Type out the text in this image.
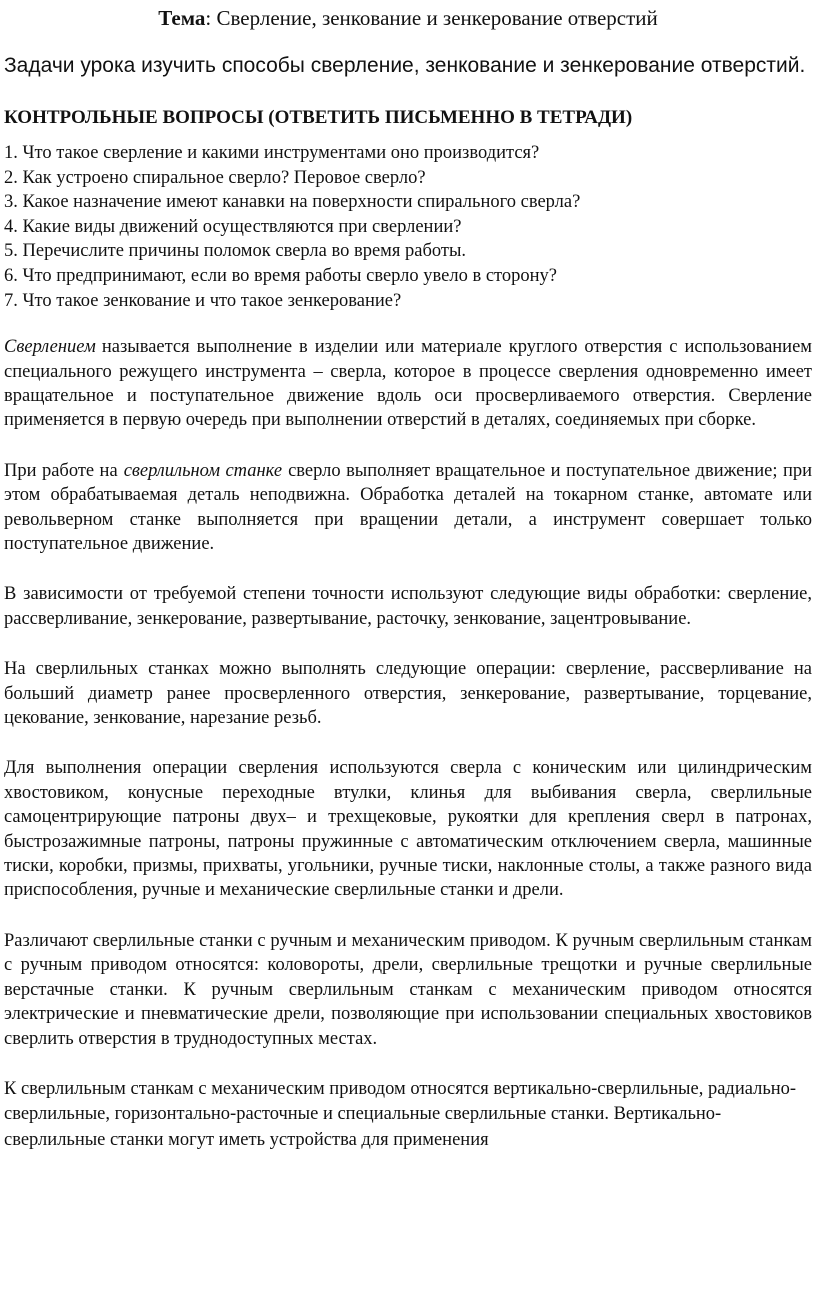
Тема: Сверление, зенкование и зенкерование отверстий
Задачи урока изучить способы сверление, зенкование и зенкерование отверстий.
КОНТРОЛЬНЫЕ ВОПРОСЫ (ОТВЕТИТЬ ПИСЬМЕННО В ТЕТРАДИ)
1. Что такое сверление и какими инструментами оно производится?
2. Как устроено спиральное сверло? Перовое сверло?
3. Какое назначение имеют канавки на поверхности спирального сверла?
4. Какие виды движений осуществляются при сверлении?
5. Перечислите причины поломок сверла во время работы.
6. Что предпринимают, если во время работы сверло увело в сторону?
7. Что такое зенкование и что такое зенкерование?

Сверлением называется выполнение в изделии или материале круглого отверстия с использованием специального режущего инструмента – сверла, которое в процессе сверления одновременно имеет вращательное и поступательное движение вдоль оси просверливаемого отверстия. Сверление применяется в первую очередь при выполнении отверстий в деталях, соединяемых при сборке.

При работе на сверлильном станке сверло выполняет вращательное и поступательное движение; при этом обрабатываемая деталь неподвижна. Обработка деталей на токарном станке, автомате или револьверном станке выполняется при вращении детали, а инструмент совершает только поступательное движение.

В зависимости от требуемой степени точности используют следующие виды обработки: сверление, рассверливание, зенкерование, развертывание, расточку, зенкование, зацентровывание.

На сверлильных станках можно выполнять следующие операции: сверление, рассверливание на больший диаметр ранее просверленного отверстия, зенкерование, развертывание, торцевание, цекование, зенкование, нарезание резьб.

Для выполнения операции сверления используются сверла с коническим или цилиндрическим хвостовиком, конусные переходные втулки, клинья для выбивания сверла, сверлильные самоцентрирующие патроны двух– и трехщековые, рукоятки для крепления сверл в патронах, быстрозажимные патроны, патроны пружинные с автоматическим отключением сверла, машинные тиски, коробки, призмы, прихваты, угольники, ручные тиски, наклонные столы, а также разного вида приспособления, ручные и механические сверлильные станки и дрели.

Различают сверлильные станки с ручным и механическим приводом. К ручным сверлильным станкам с ручным приводом относятся: коловороты, дрели, сверлильные трещотки и ручные сверлильные верстачные станки. К ручным сверлильным станкам с механическим приводом относятся электрические и пневматические дрели, позволяющие при использовании специальных хвостовиков сверлить отверстия в труднодоступных местах.

К сверлильным станкам с механическим приводом относятся вертикально-сверлильные, радиально-сверлильные, горизонтально-расточные и специальные сверлильные станки. Вертикально-сверлильные станки могут иметь устройства для применения
